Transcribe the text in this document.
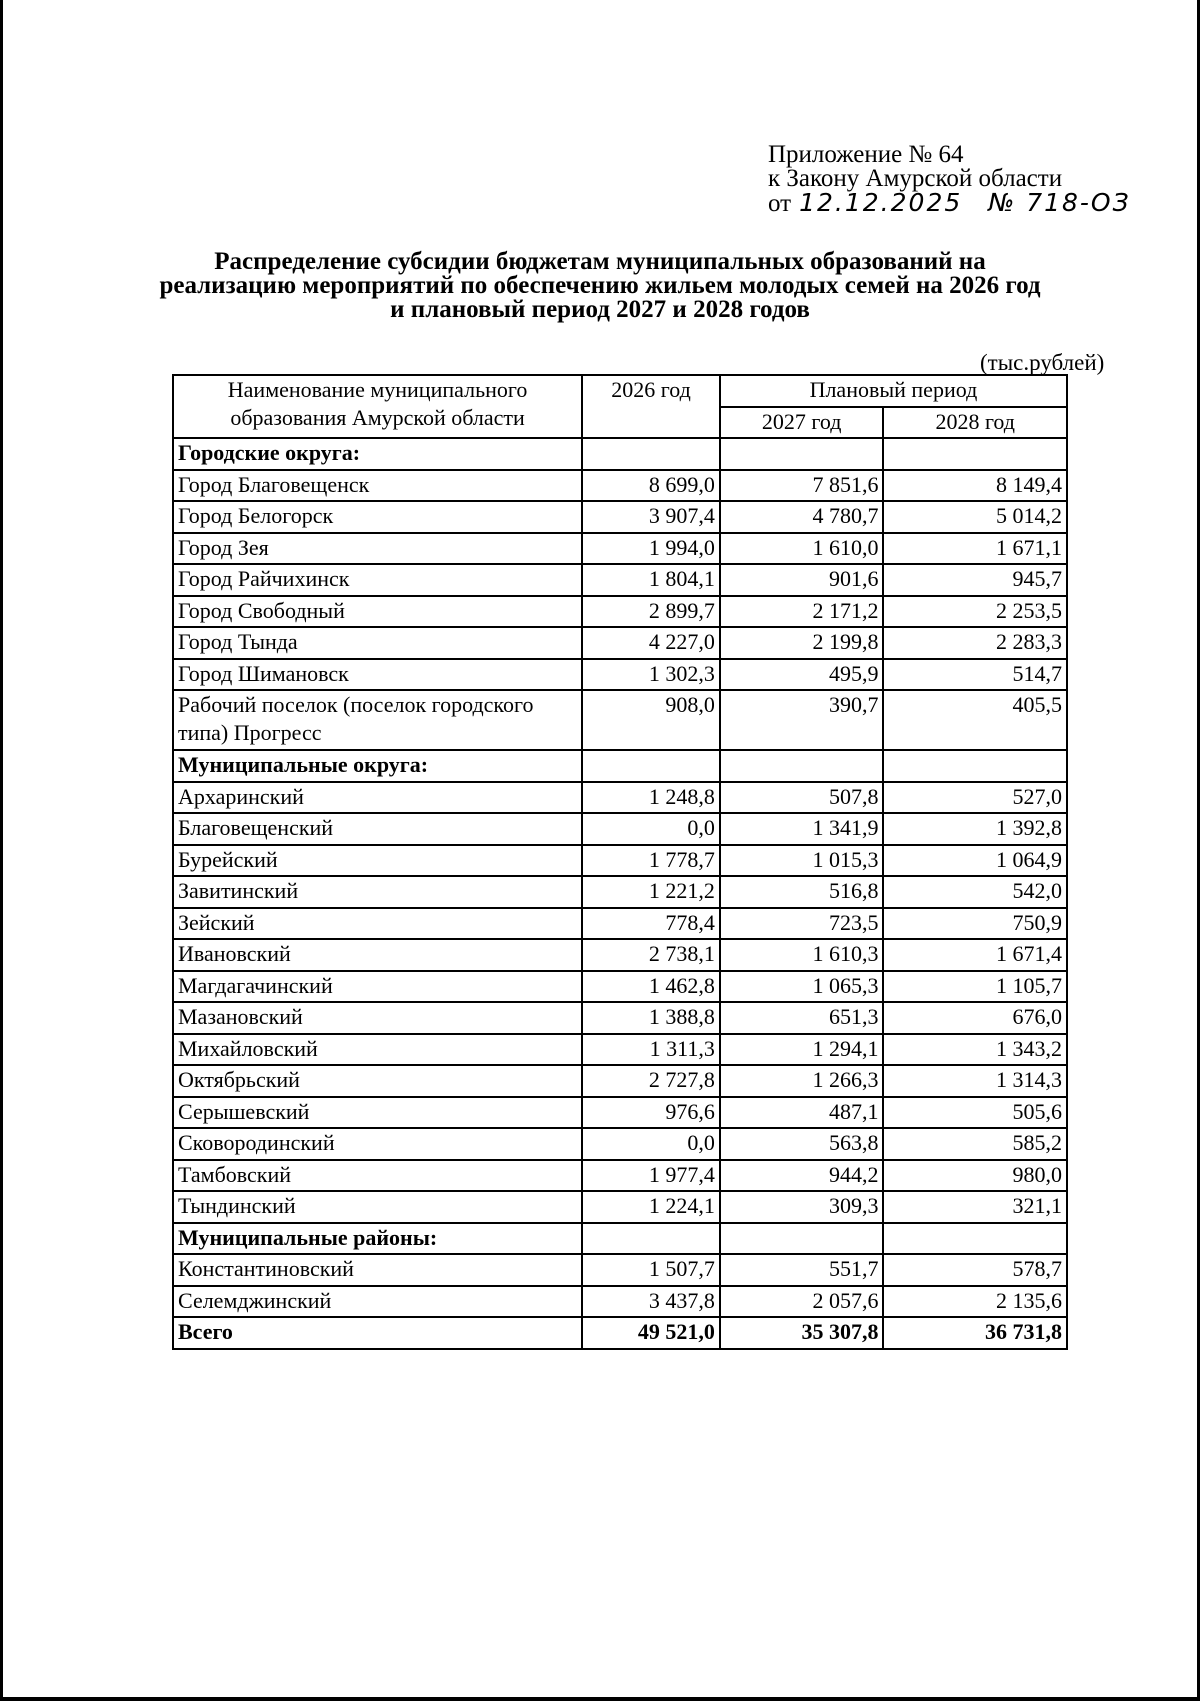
Приложение № 64
к Закону Амурской области
от 12.12.2025 № 718-ОЗ
Распределение субсидии бюджетам муниципальных образований на реализацию мероприятий по обеспечению жильем молодых семей на 2026 год и плановый период 2027 и 2028 годов
(тыс.рублей)
Наименование муниципального образования Амурской области	2026 год	Плановый период	
		2027 год	2028 год
Городские округа:			
Город Благовещенск	8 699,0	7 851,6	8 149,4
Город Белогорск	3 907,4	4 780,7	5 014,2
Город Зея	1 994,0	1 610,0	1 671,1
Город Райчихинск	1 804,1	901,6	945,7
Город Свободный	2 899,7	2 171,2	2 253,5
Город Тында	4 227,0	2 199,8	2 283,3
Город Шимановск	1 302,3	495,9	514,7
Рабочий поселок (поселок городского типа) Прогресс	908,0	390,7	405,5
Муниципальные округа:			
Архаринский	1 248,8	507,8	527,0
Благовещенский	0,0	1 341,9	1 392,8
Бурейский	1 778,7	1 015,3	1 064,9
Завитинский	1 221,2	516,8	542,0
Зейский	778,4	723,5	750,9
Ивановский	2 738,1	1 610,3	1 671,4
Магдагачинский	1 462,8	1 065,3	1 105,7
Мазановский	1 388,8	651,3	676,0
Михайловский	1 311,3	1 294,1	1 343,2
Октябрьский	2 727,8	1 266,3	1 314,3
Серышевский	976,6	487,1	505,6
Сковородинский	0,0	563,8	585,2
Тамбовский	1 977,4	944,2	980,0
Тындинский	1 224,1	309,3	321,1
Муниципальные районы:			
Константиновский	1 507,7	551,7	578,7
Селемджинский	3 437,8	2 057,6	2 135,6
Всего	49 521,0	35 307,8	36 731,8
